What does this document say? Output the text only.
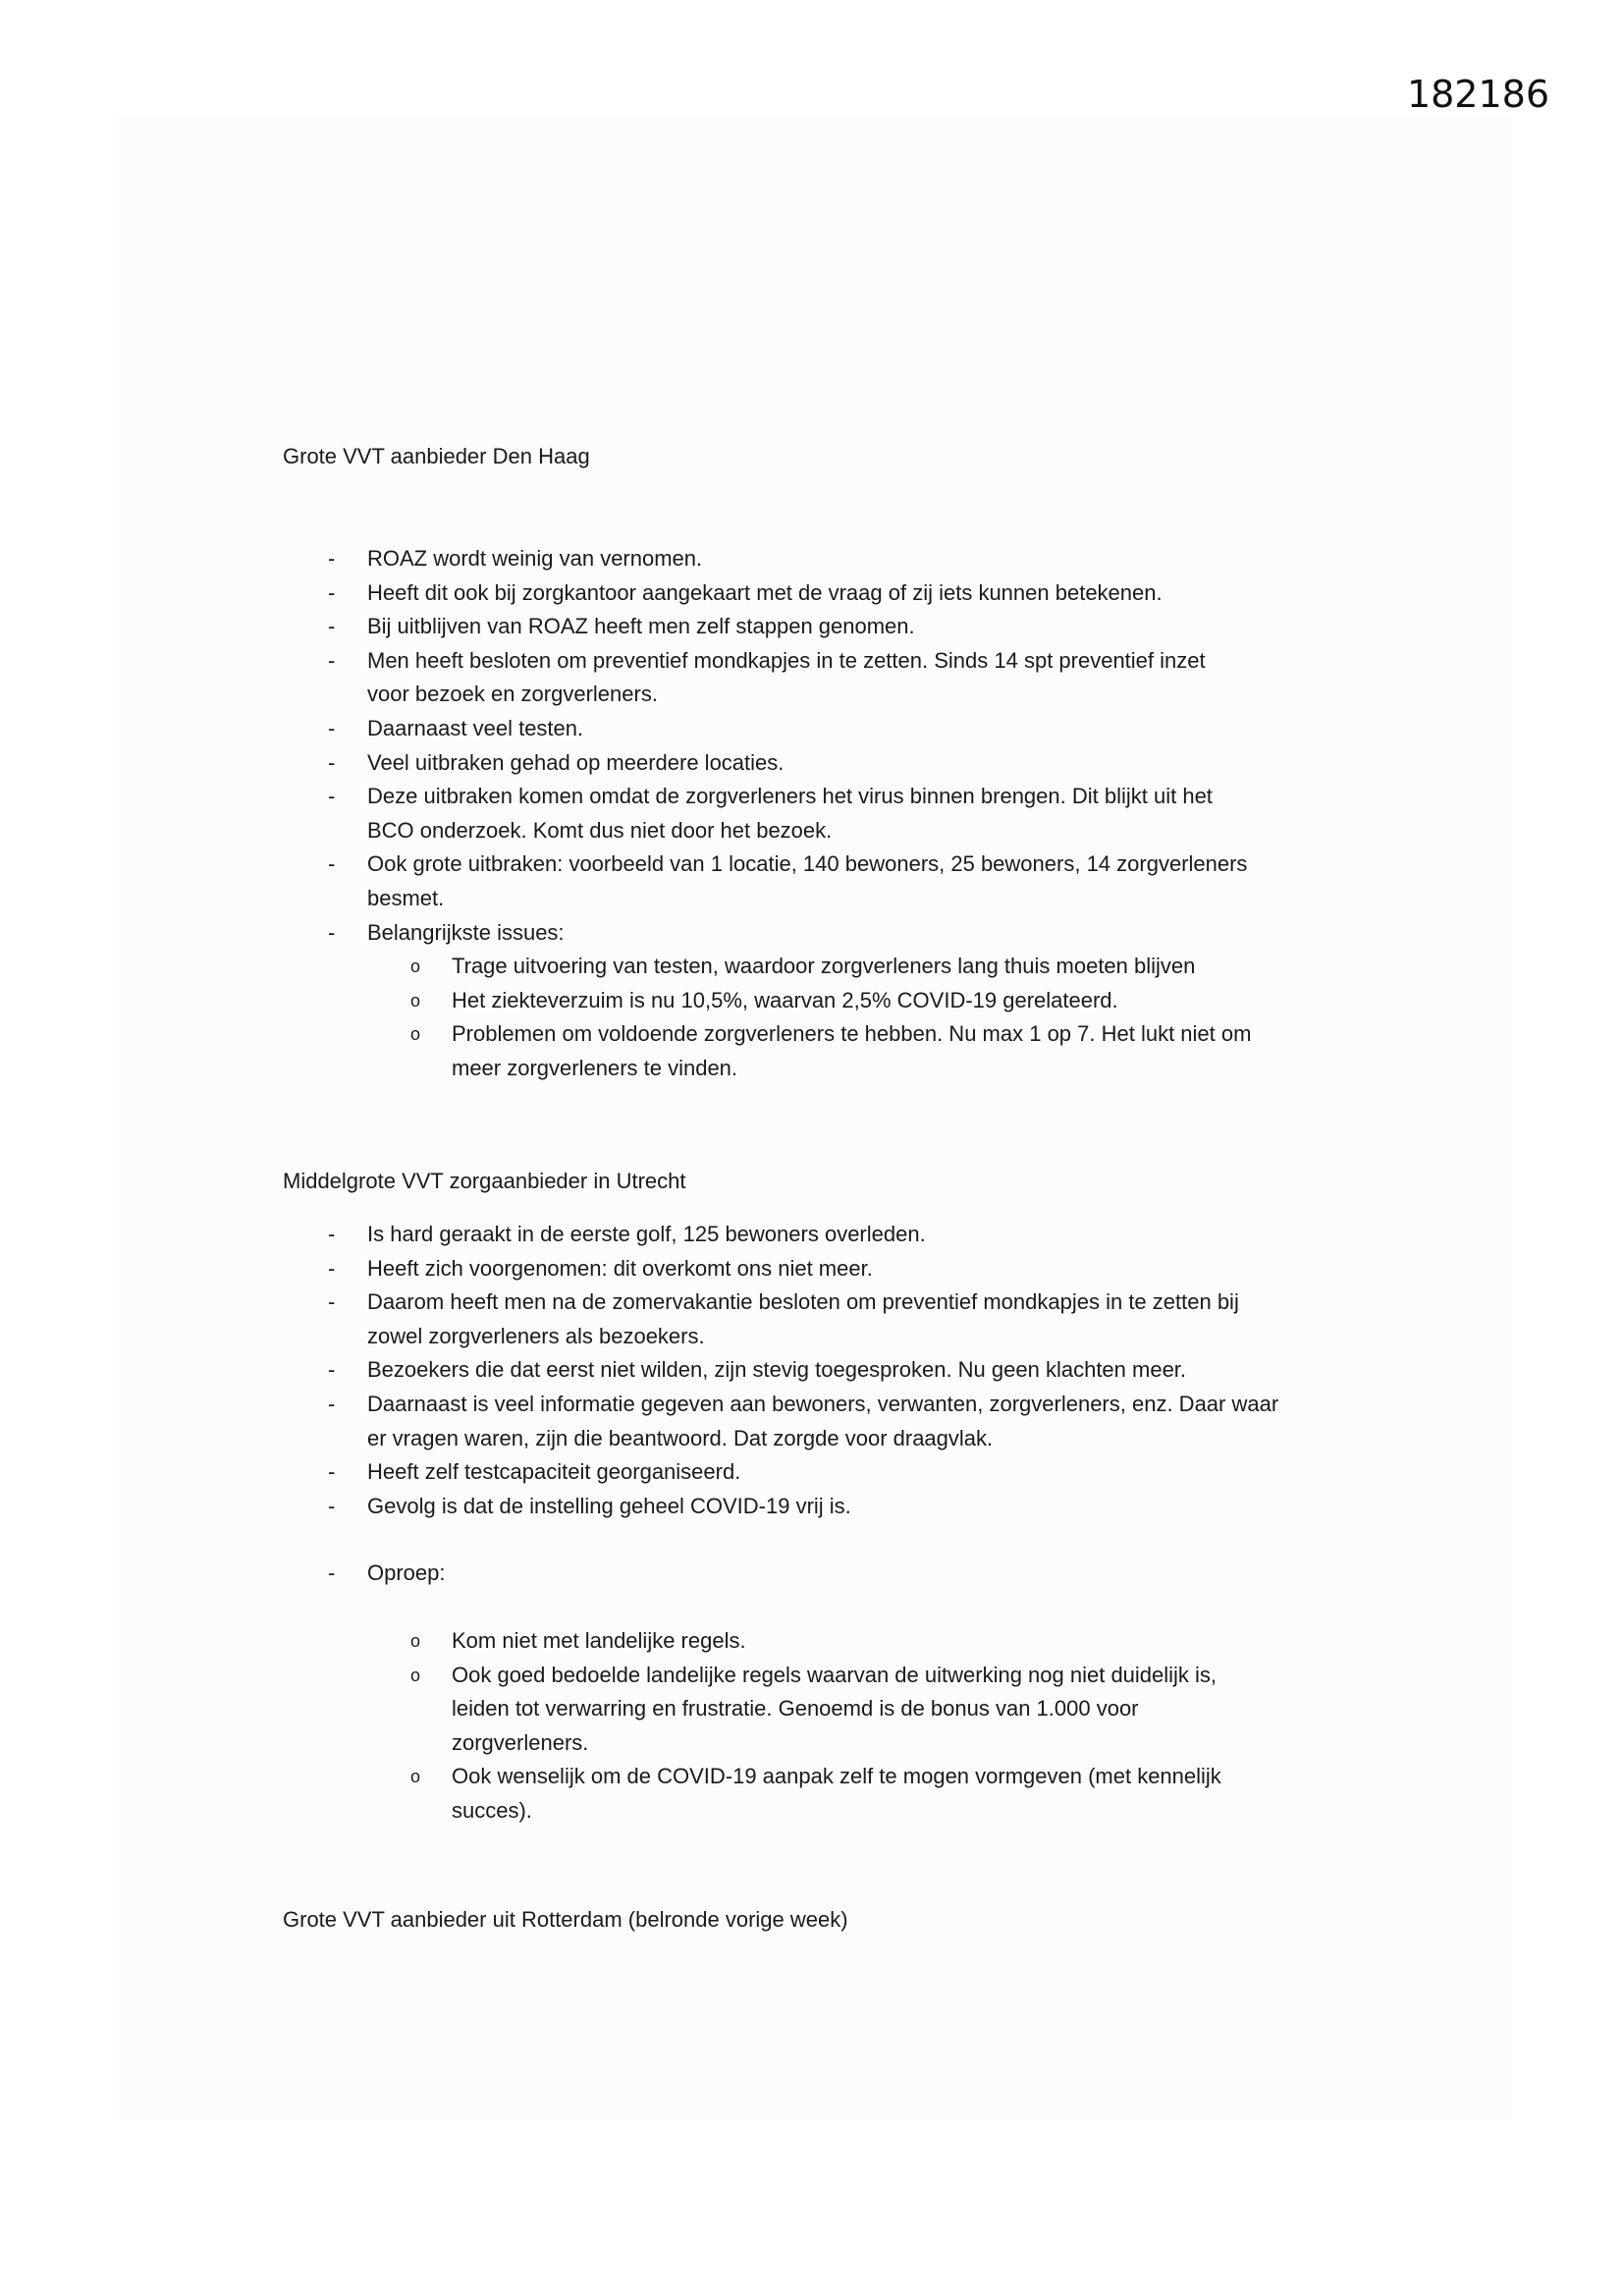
182186

Grote VVT aanbieder Den Haag

- ROAZ wordt weinig van vernomen.
- Heeft dit ook bij zorgkantoor aangekaart met de vraag of zij iets kunnen betekenen.
- Bij uitblijven van ROAZ heeft men zelf stappen genomen.
- Men heeft besloten om preventief mondkapjes in te zetten. Sinds 14 spt preventief inzet voor bezoek en zorgverleners.
- Daarnaast veel testen.
- Veel uitbraken gehad op meerdere locaties.
- Deze uitbraken komen omdat de zorgverleners het virus binnen brengen. Dit blijkt uit het BCO onderzoek. Komt dus niet door het bezoek.
- Ook grote uitbraken: voorbeeld van 1 locatie, 140 bewoners, 25 bewoners, 14 zorgverleners besmet.
- Belangrijkste issues:
o Trage uitvoering van testen, waardoor zorgverleners lang thuis moeten blijven
o Het ziekteverzuim is nu 10,5%, waarvan 2,5% COVID-19 gerelateerd.
o Problemen om voldoende zorgverleners te hebben. Nu max 1 op 7. Het lukt niet om meer zorgverleners te vinden.

Middelgrote VVT zorgaanbieder in Utrecht

- Is hard geraakt in de eerste golf, 125 bewoners overleden.
- Heeft zich voorgenomen: dit overkomt ons niet meer.
- Daarom heeft men na de zomervakantie besloten om preventief mondkapjes in te zetten bij zowel zorgverleners als bezoekers.
- Bezoekers die dat eerst niet wilden, zijn stevig toegesproken. Nu geen klachten meer.
- Daarnaast is veel informatie gegeven aan bewoners, verwanten, zorgverleners, enz. Daar waar er vragen waren, zijn die beantwoord. Dat zorgde voor draagvlak.
- Heeft zelf testcapaciteit georganiseerd.
- Gevolg is dat de instelling geheel COVID-19 vrij is.
- Oproep:
o Kom niet met landelijke regels.
o Ook goed bedoelde landelijke regels waarvan de uitwerking nog niet duidelijk is, leiden tot verwarring en frustratie. Genoemd is de bonus van 1.000 voor zorgverleners.
o Ook wenselijk om de COVID-19 aanpak zelf te mogen vormgeven (met kennelijk succes).

Grote VVT aanbieder uit Rotterdam (belronde vorige week)
